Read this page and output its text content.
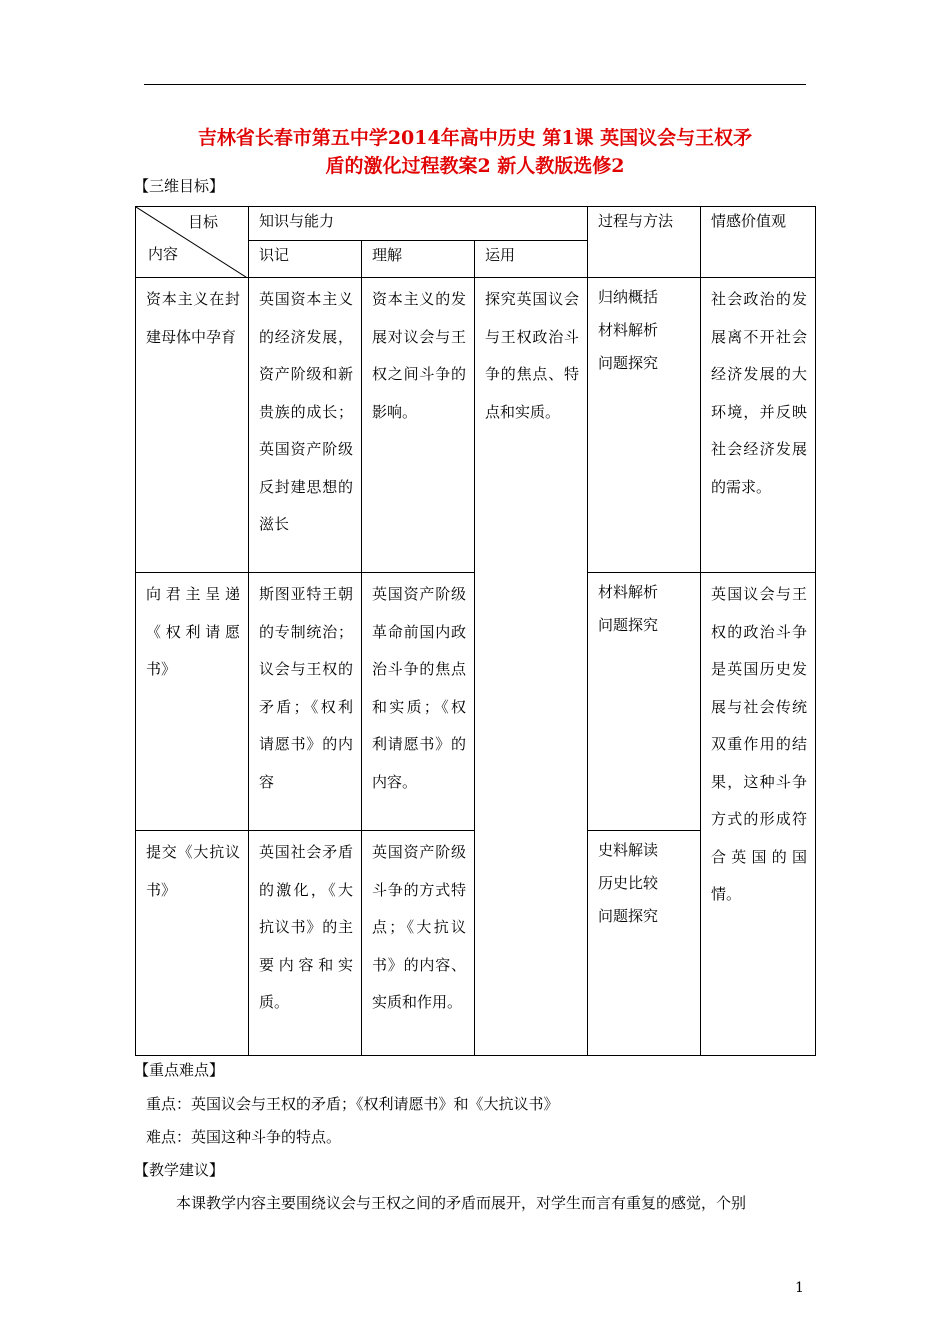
吉林省长春市第五中学2014年高中历史 第1课 英国议会与王权矛
盾的激化过程教案2 新人教版选修2
【三维目标】
目标
内容	知识与能力			过程与方法	情感价值观

	识记	理解	运用		

资本主义在封建母体中孕育	英国资本主义的经济发展，资产阶级和新贵族的成长；英国资产阶级反封建思想的滋长	资本主义的发展对议会与王权之间斗争的影响。	探究英国议会与王权政治斗争的焦点、特点和实质。	归纳概括
材料解析
问题探究	社会政治的发展离不开社会经济发展的大环境，并反映社会经济发展的需求。

向君主呈递《权利请愿书》	斯图亚特王朝的专制统治；议会与王权的矛盾；《权利请愿书》的内容	英国资产阶级革命前国内政治斗争的焦点和实质；《权利请愿书》的内容。		材料解析
问题探究	英国议会与王权的政治斗争是英国历史发展与社会传统双重作用的结果，这种斗争方式的形成符合英国的国情。

提交《大抗议书》	英国社会矛盾的激化，《大抗议书》的主要内容和实质。	英国资产阶级斗争的方式特点；《大抗议书》的内容、实质和作用。		史料解读
历史比较
问题探究	
【重点难点】
重点：英国议会与王权的矛盾；《权利请愿书》和《大抗议书》
难点：英国这种斗争的特点。
【教学建议】
本课教学内容主要围绕议会与王权之间的矛盾而展开，对学生而言有重复的感觉，个别
1
